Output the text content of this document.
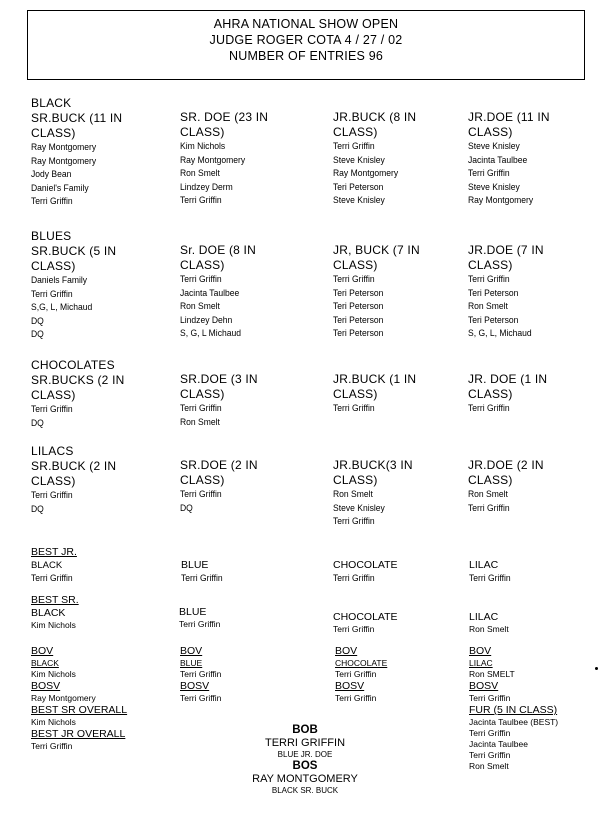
AHRA NATIONAL SHOW OPEN
JUDGE ROGER COTA 4 / 27 / 02
NUMBER OF ENTRIES 96
BLACK
SR.BUCK (11 IN
CLASS)
Ray Montgomery
Ray Montgomery
Jody Bean
Daniel's Family
Terri Griffin
SR. DOE (23 IN
CLASS)
Kim Nichols
Ray Montgomery
Ron Smelt
Lindzey Derm
Terri Griffin
JR.BUCK (8 IN
CLASS)
Terri Griffin
Steve Knisley
Ray Montgomery
Teri Peterson
Steve Knisley
JR.DOE (11 IN
CLASS)
Steve Knisley
Jacinta Taulbee
Terri Griffin
Steve Knisley
Ray Montgomery
BLUES
SR.BUCK (5 IN
CLASS)
Daniels Family
Terri Griffin
S,G, L, Michaud
DQ
DQ
Sr. DOE (8 IN
CLASS)
Terri Griffin
Jacinta Taulbee
Ron Smelt
Lindzey Dehn
S, G, L Michaud
JR, BUCK (7 IN
CLASS)
Terri Griffin
Teri Peterson
Teri Peterson
Teri Peterson
Teri Peterson
JR.DOE (7 IN
CLASS)
Terri Griffin
Teri Peterson
Ron Smelt
Teri Peterson
S, G, L, Michaud
CHOCOLATES
SR.BUCKS (2 IN
CLASS)
Terri Griffin
DQ
SR.DOE (3 IN
CLASS)
Terri Griffin
Ron Smelt
JR.BUCK (1 IN
CLASS)
Terri Griffin
JR. DOE (1 IN
CLASS)
Terri Griffin
LILACS
SR.BUCK (2 IN
CLASS)
Terri Griffin
DQ
SR.DOE (2 IN
CLASS)
Terri Griffin
DQ
JR.BUCK(3 IN
CLASS)
Ron Smelt
Steve Knisley
Terri Griffin
JR.DOE (2 IN
CLASS)
Ron Smelt
Terri Griffin
BEST JR.
BLACK
Terri Griffin
BLUE
Terri Griffin
CHOCOLATE
Terri Griffin
LILAC
Terri Griffin
BEST SR.
BLACK
Kim Nichols
BLUE
Terri Griffin
CHOCOLATE
Terri Griffin
LILAC
Ron Smelt
BOV
BLACK
Kim Nichols
BOSV
Ray Montgomery
BEST SR OVERALL
Kim Nichols
BEST JR OVERALL
Terri Griffin
BOV
BLUE
Terri Griffin
BOSV
Terri Griffin
BOV
CHOCOLATE
Terri Griffin
BOSV
Terri Griffin
BOV
LILAC
Ron SMELT
BOSV
Terri Griffin
FUR (5 IN CLASS)
Jacinta Taulbee (BEST)
Terri Griffin
Jacinta Taulbee
Terri Griffin
Ron Smelt
BOB
TERRI GRIFFIN
BLUE JR. DOE
BOS
RAY MONTGOMERY
BLACK SR. BUCK
